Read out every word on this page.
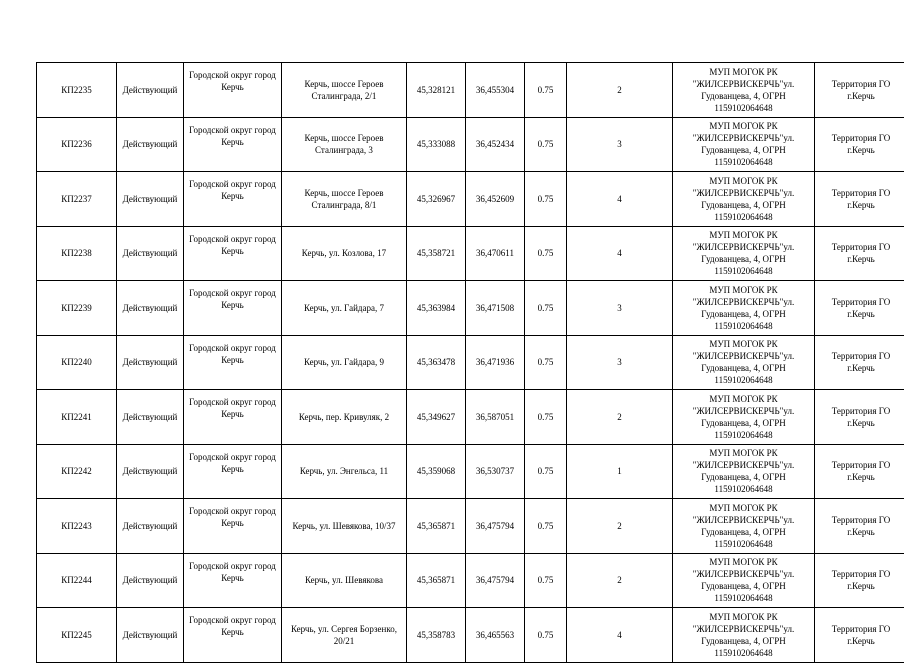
КП2235	Действующий	Городской округ город Керчь	Керчь, шоссе Героев Сталинграда, 2/1	45,328121	36,455304	0.75	2	МУП МОГОК РК "ЖИЛСЕРВИСКЕРЧЬ"ул. Гудованцева, 4, ОГРН 115910206464​8	Территория ГО г.Керчь
КП2236	Действующий	Городской округ город Керчь	Керчь, шоссе Героев Сталинграда, 3	45,333088	36,452434	0.75	3	МУП МОГОК РК "ЖИЛСЕРВИСКЕРЧЬ"ул. Гудованцева, 4, ОГРН 115910206464​8	Территория ГО г.Керчь
КП2237	Действующий	Городской округ город Керчь	Керчь, шоссе Героев Сталинграда, 8/1	45,326967	36,452609	0.75	4	МУП МОГОК РК "ЖИЛСЕРВИСКЕРЧЬ"ул. Гудованцева, 4, ОГРН 115910206464​8	Территория ГО г.Керчь
КП2238	Действующий	Городской округ город Керчь	Керчь, ул. Козлова, 17	45,358721	36,470611	0.75	4	МУП МОГОК РК "ЖИЛСЕРВИСКЕРЧЬ"ул. Гудованцева, 4, ОГРН 115910206464​8	Территория ГО г.Керчь
КП2239	Действующий	Городской округ город Керчь	Керчь, ул. Гайдара, 7	45,363984	36,471508	0.75	3	МУП МОГОК РК "ЖИЛСЕРВИСКЕРЧЬ"ул. Гудованцева, 4, ОГРН 115910206464​8	Территория ГО г.Керчь
КП2240	Действующий	Городской округ город Керчь	Керчь, ул. Гайдара, 9	45,363478	36,471936	0.75	3	МУП МОГОК РК "ЖИЛСЕРВИСКЕРЧЬ"ул. Гудованцева, 4, ОГРН 115910206464​8	Территория ГО г.Керчь
КП2241	Действующий	Городской округ город Керчь	Керчь, пер. Кривуляк, 2	45,349627	36,587051	0.75	2	МУП МОГОК РК "ЖИЛСЕРВИСКЕРЧЬ"ул. Гудованцева, 4, ОГРН 115910206464​8	Территория ГО г.Керчь
КП2242	Действующий	Городской округ город Керчь	Керчь, ул. Энгельса, 11	45,359068	36,530737	0.75	1	МУП МОГОК РК "ЖИЛСЕРВИСКЕРЧЬ"ул. Гудованцева, 4, ОГРН 115910206464​8	Территория ГО г.Керчь
КП2243	Действующий	Городской округ город Керчь	Керчь, ул. Шевякова, 10/37	45,365871	36,475794	0.75	2	МУП МОГОК РК "ЖИЛСЕРВИСКЕРЧЬ"ул. Гудованцева, 4, ОГРН 115910206464​8	Территория ГО г.Керчь
КП2244	Действующий	Городской округ город Керчь	Керчь, ул. Шевякова	45,365871	36,475794	0.75	2	МУП МОГОК РК "ЖИЛСЕРВИСКЕРЧЬ"ул. Гудованцева, 4, ОГРН 115910206464​8	Территория ГО г.Керчь
КП2245	Действующий	Городской округ город Керчь	Керчь, ул. Сергея Борзенко, 20/21	45,358783	36,465563	0.75	4	МУП МОГОК РК "ЖИЛСЕРВИСКЕРЧЬ"ул. Гудованцева, 4, ОГРН 115910206464​8	Территория ГО г.Керчь
